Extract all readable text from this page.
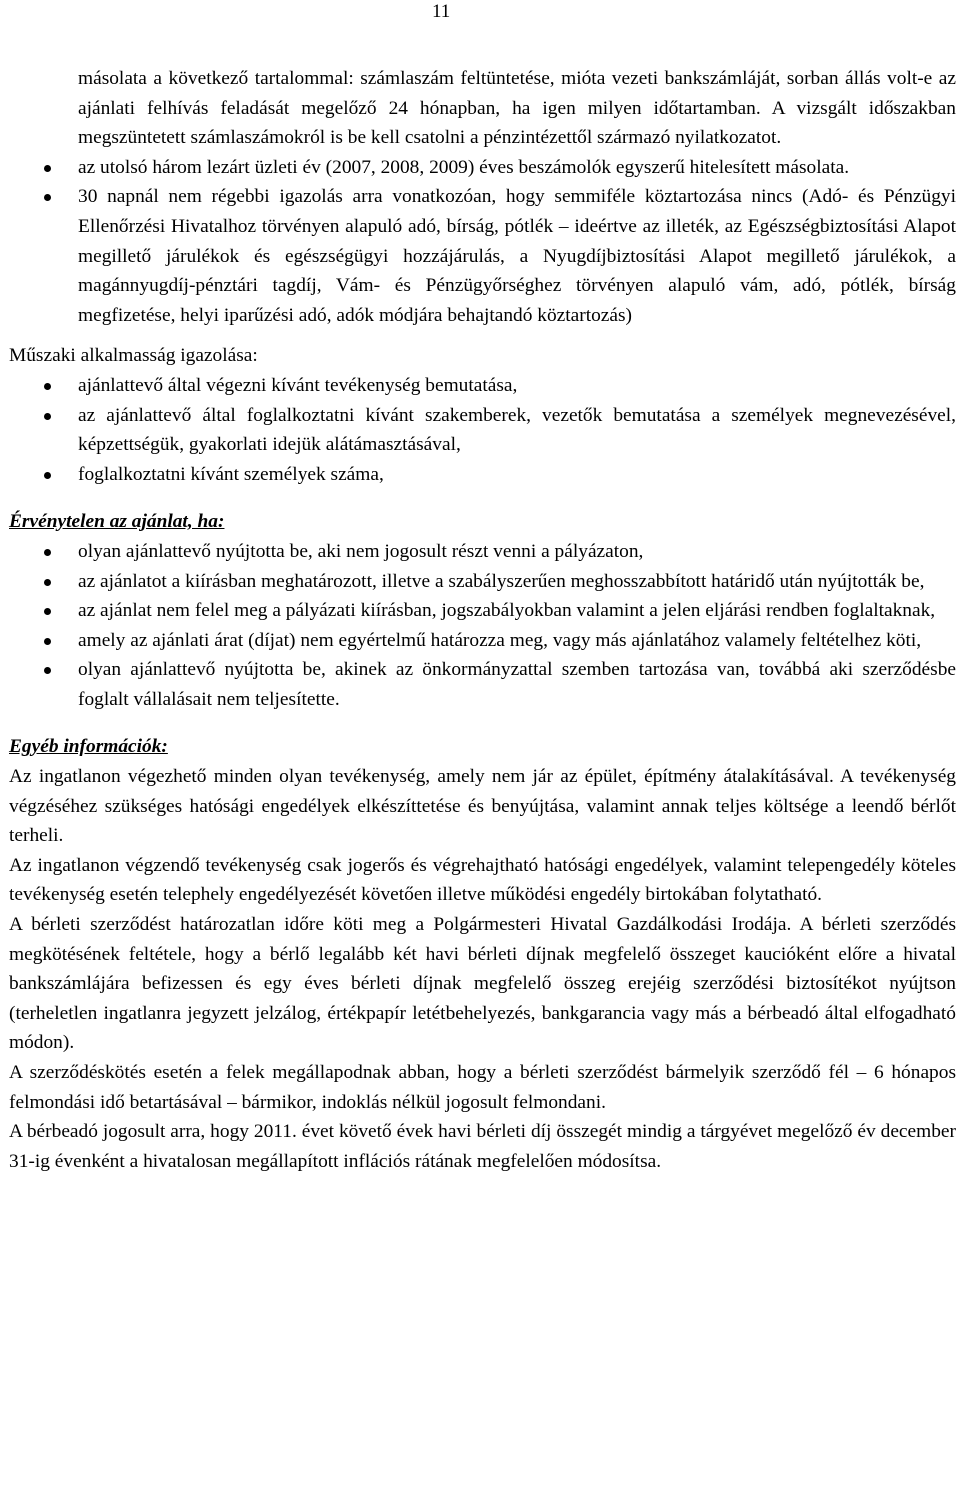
11

másolata a következő tartalommal: számlaszám feltüntetése, mióta vezeti bankszámláját, sorban állás volt-e az ajánlati felhívás feladását megelőző 24 hónapban, ha igen milyen időtartamban. A vizsgált időszakban megszüntetett számlaszámokról is be kell csatolni a pénzintézettől származó nyilatkozatot.

az utolsó három lezárt üzleti év (2007, 2008, 2009) éves beszámolók egyszerű hitelesített másolata.
30 napnál nem régebbi igazolás arra vonatkozóan, hogy semmiféle köztartozása nincs (Adó- és Pénzügyi Ellenőrzési Hivatalhoz törvényen alapuló adó, bírság, pótlék – ideértve az illeték, az Egészségbiztosítási Alapot megillető járulékok és egészségügyi hozzájárulás, a Nyugdíjbiztosítási Alapot megillető járulékok, a magánnyugdíj-pénztári tagdíj, Vám- és Pénzügyőrséghez törvényen alapuló vám, adó, pótlék, bírság megfizetése, helyi iparűzési adó, adók módjára behajtandó köztartozás)

Műszaki alkalmasság igazolása:

ajánlattevő által végezni kívánt tevékenység bemutatása,
az ajánlattevő által foglalkoztatni kívánt szakemberek, vezetők bemutatása a személyek megnevezésével, képzettségük, gyakorlati idejük alátámasztásával,
foglalkoztatni kívánt személyek száma,

Érvénytelen az ajánlat, ha:

olyan ajánlattevő nyújtotta be, aki nem jogosult részt venni a pályázaton,
az ajánlatot a kiírásban meghatározott, illetve a szabályszerűen meghosszabbított határidő után nyújtották be,
az ajánlat nem felel meg a pályázati kiírásban, jogszabályokban valamint a jelen eljárási rendben foglaltaknak,
amely az ajánlati árat (díjat) nem egyértelmű határozza meg, vagy más ajánlatához valamely feltételhez köti,
olyan ajánlattevő nyújtotta be, akinek az önkormányzattal szemben tartozása van, továbbá aki szerződésbe foglalt vállalásait nem teljesítette.

Egyéb információk:

Az ingatlanon végezhető minden olyan tevékenység, amely nem jár az épület, építmény átalakításával. A tevékenység végzéséhez szükséges hatósági engedélyek elkészíttetése és benyújtása, valamint annak teljes költsége a leendő bérlőt terheli.

Az ingatlanon végzendő tevékenység csak jogerős és végrehajtható hatósági engedélyek, valamint telepengedély köteles tevékenység esetén telephely engedélyezését követően illetve működési engedély birtokában folytatható.

A bérleti szerződést határozatlan időre köti meg a Polgármesteri Hivatal Gazdálkodási Irodája. A bérleti szerződés megkötésének feltétele, hogy a bérlő legalább két havi bérleti díjnak megfelelő összeget kaucióként előre a hivatal bankszámlájára befizessen és egy éves bérleti díjnak megfelelő összeg erejéig szerződési biztosítékot nyújtson (terheletlen ingatlanra jegyzett jelzálog, értékpapír letétbehelyezés, bankgarancia vagy más a bérbeadó által elfogadható módon).

A szerződéskötés esetén a felek megállapodnak abban, hogy a bérleti szerződést bármelyik szerződő fél – 6 hónapos felmondási idő betartásával – bármikor, indoklás nélkül jogosult felmondani.

A bérbeadó jogosult arra, hogy 2011. évet követő évek havi bérleti díj összegét mindig a tárgyévet megelőző év december 31-ig évenként a hivatalosan megállapított inflációs rátának megfelelően módosítsa.
